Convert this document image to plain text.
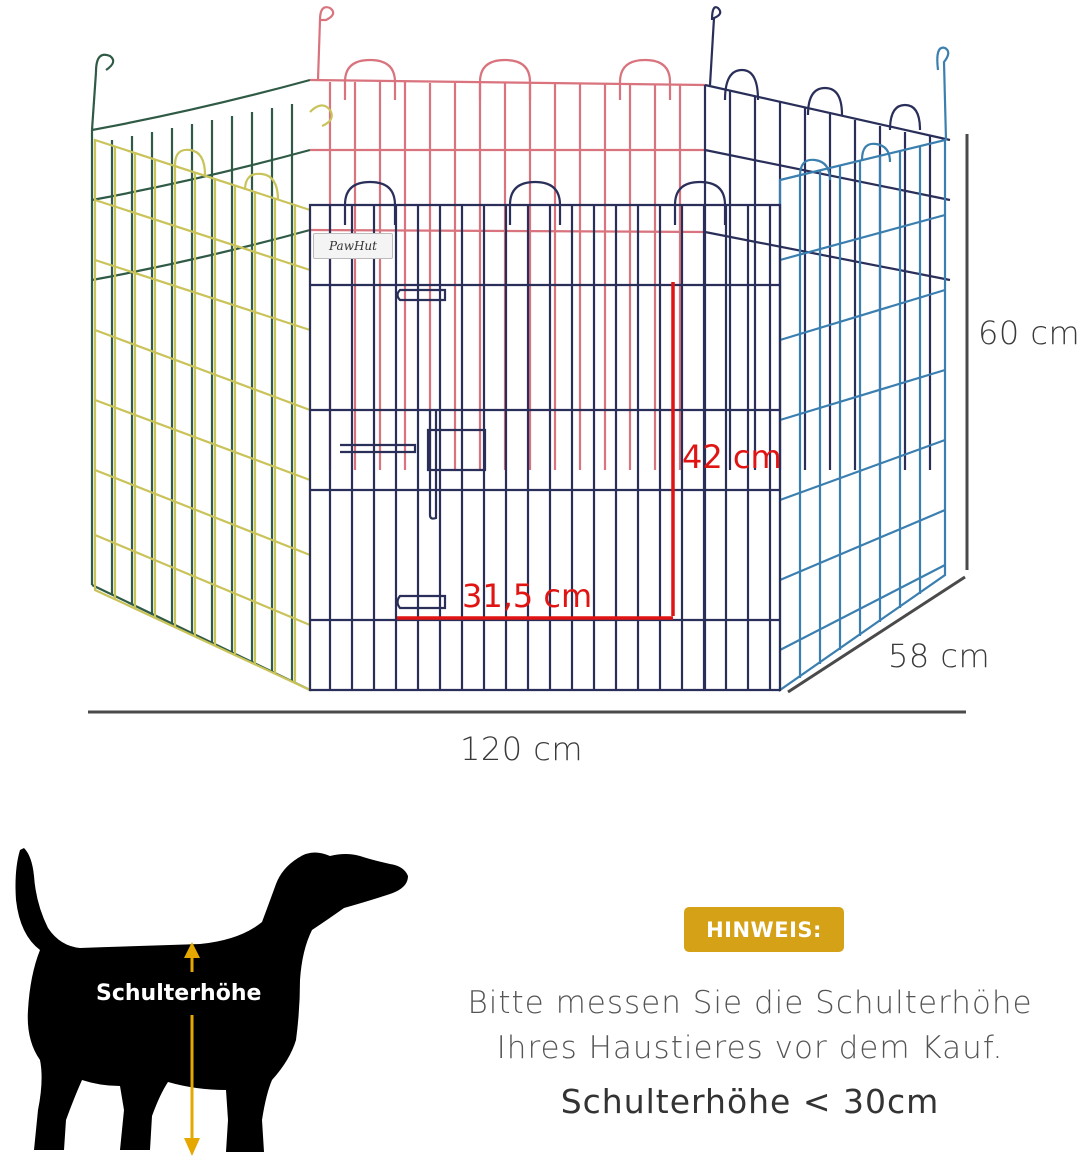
PawHut
60 cm
58 cm
120 cm
42 cm
31,5 cm
Schulterhöhe
HINWEIS:
Bitte messen Sie die Schulterhöhe
Ihres Haustieres vor dem Kauf.
Schulterhöhe < 30cm
